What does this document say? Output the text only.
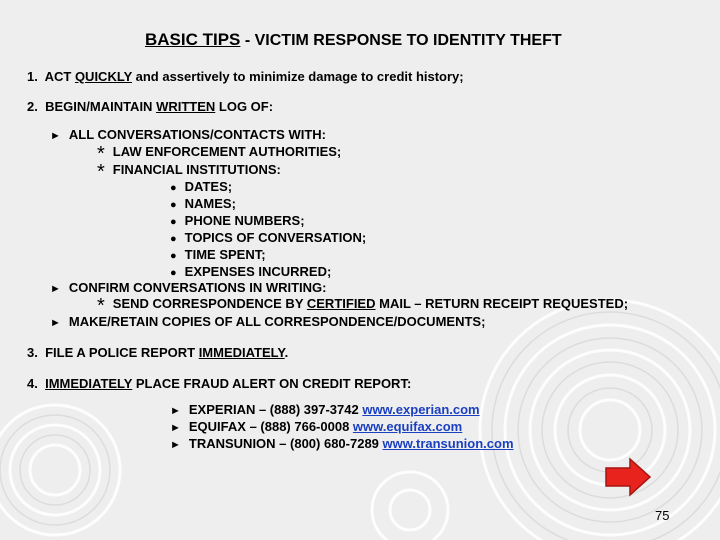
BASIC TIPS - VICTIM RESPONSE TO IDENTITY THEFT
1. ACT QUICKLY and assertively to minimize damage to credit history;
2. BEGIN/MAINTAIN WRITTEN LOG OF:
► ALL CONVERSATIONS/CONTACTS WITH:
* LAW ENFORCEMENT AUTHORITIES;
* FINANCIAL INSTITUTIONS:
● DATES;
● NAMES;
● PHONE NUMBERS;
● TOPICS OF CONVERSATION;
● TIME SPENT;
● EXPENSES INCURRED;
► CONFIRM CONVERSATIONS IN WRITING:
* SEND CORRESPONDENCE BY CERTIFIED MAIL – RETURN RECEIPT REQUESTED;
► MAKE/RETAIN COPIES OF ALL CORRESPONDENCE/DOCUMENTS;
3. FILE A POLICE REPORT IMMEDIATELY.
4. IMMEDIATELY PLACE FRAUD ALERT ON CREDIT REPORT:
► EXPERIAN – (888) 397-3742 www.experian.com
► EQUIFAX – (888) 766-0008 www.equifax.com
► TRANSUNION – (800) 680-7289 www.transunion.com
75
